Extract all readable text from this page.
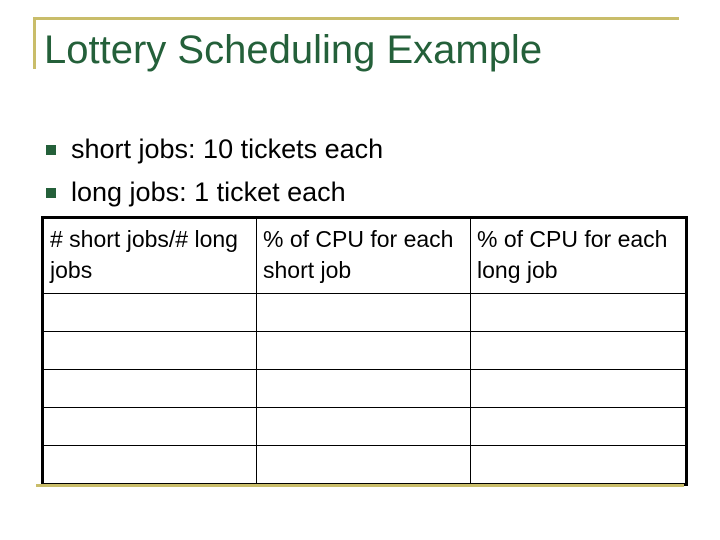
Lottery Scheduling Example
short jobs: 10 tickets each
long jobs: 1 ticket each
# short jobs/# long jobs	% of CPU for each short job	% of CPU for each long job
